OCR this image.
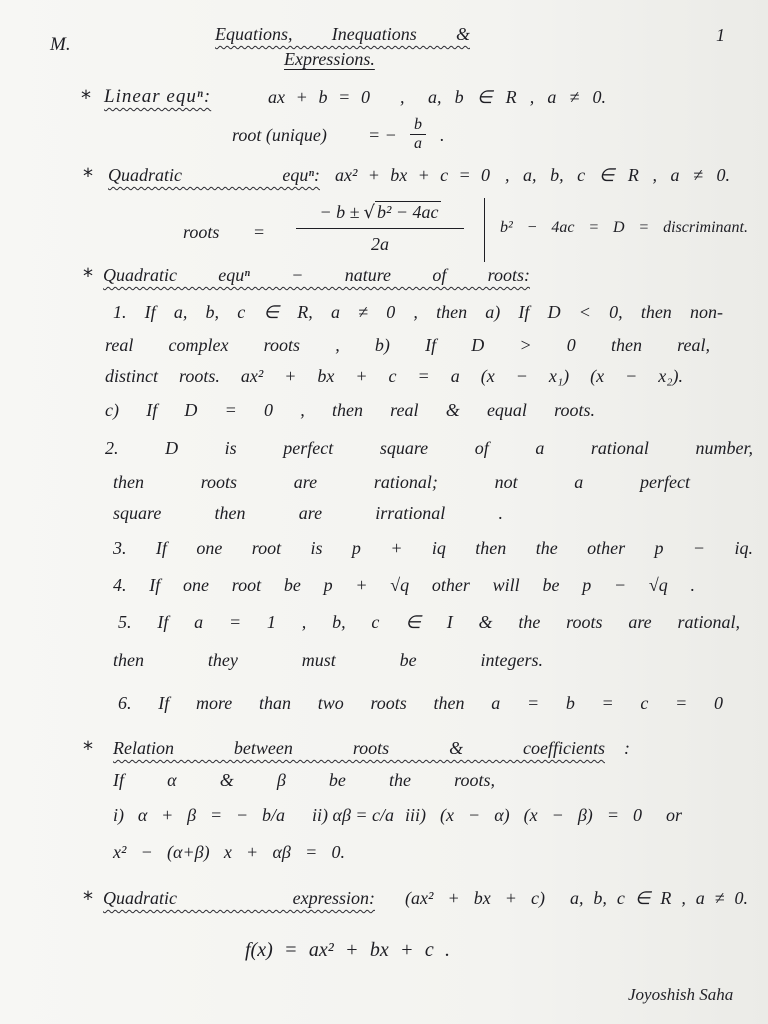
M.	Equations, Inequations &
Expressions.
1
* Linear equⁿ:	ax + b = 0 , a, b ∈ R , a ≠ 0.
root (unique) = − $\frac{b}{a}$ .
* Quadratic equⁿ: ax² + bx + c = 0 , a, b, c ∈ R , a ≠ 0.
roots = $\frac{\text{− b ± √ b² − 4ac}}{2a} b^2 - 4ac = D$ = discriminant.
* Quadratic equⁿ − nature of roots:
1. If a, b, c ∈ R, a ≠ 0 , then a) If D < 0, then non-
real complex roots , b) If D > 0 then real,
distinct roots. ax² + bx + c = a (x − x₁) (x − x₂).
c) If D = 0 , then real & equal roots.
2. D is perfect square of a rational number,
then roots are rational; not a perfect
square then are irrational .
3. If one root is p + iq then the other p − iq.
4. If one root be p + √q other will be p − √q .
5. If a = 1 , b, c ∈ I & the roots are rational,
then they must be integers.
6. If more than two roots then a = b = c = 0
* Relation between roots & coefficients :
If α & β be the roots,
i) α + β = − b/a ii) αβ = c/a iii) (x − α) (x − β) = 0 or
x² − (α+β) x + αβ = 0.
* Quadratic expression: (ax² + bx + c) a, b, c ∈ R , a ≠ 0.
f(x) = ax² + bx + c .
Joyoshish Saha
